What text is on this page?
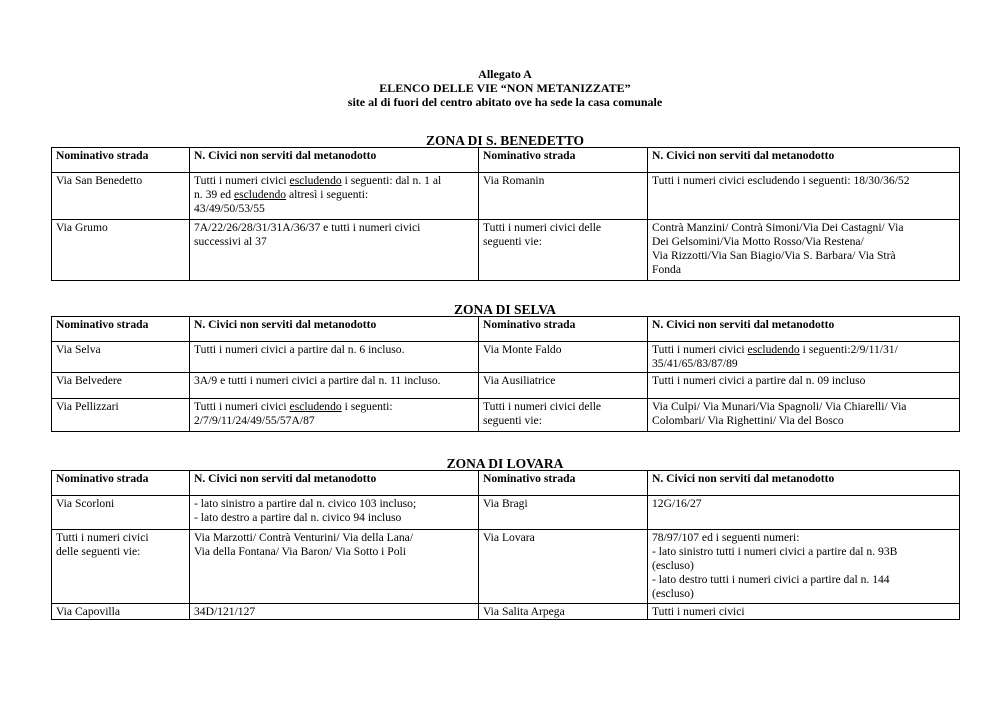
Allegato A
ELENCO DELLE VIE “NON METANIZZATE”
site al di fuori del centro abitato ove ha sede la casa comunale
ZONA DI S. BENEDETTO
Nominativo strada	N. Civici non serviti dal metanodotto	Nominativo strada	N. Civici non serviti dal metanodotto
Via San Benedetto	Tutti i numeri civici escludendo i seguenti: dal n. 1 al
n. 39 ed escludendo altresì i seguenti:
43/49/50/53/55	Via Romanin	Tutti i numeri civici escludendo i seguenti: 18/30/36/52
Via Grumo	7A/22/26/28/31/31A/36/37 e tutti i numeri civici
successivi al 37	Tutti i numeri civici delle
seguenti vie:	Contrà Manzini/ Contrà Simoni/Via Dei Castagni/ Via
Dei Gelsomini/Via Motto Rosso/Via Restena/
Via Rizzotti/Via San Biagio/Via S. Barbara/ Via Strà
Fonda
ZONA DI SELVA
Nominativo strada	N. Civici non serviti dal metanodotto	Nominativo strada	N. Civici non serviti dal metanodotto
Via Selva	Tutti i numeri civici a partire dal n. 6 incluso.	Via Monte Faldo	Tutti i numeri civici escludendo i seguenti:2/9/11/31/
35/41/65/83/87/89

Via Belvedere	3A/9 e tutti i numeri civici a partire dal n. 11 incluso.	Via Ausiliatrice	Tutti i numeri civici a partire dal n. 09 incluso
Via Pellizzari	Tutti i numeri civici escludendo i seguenti:
2/7/9/11/24/49/55/57A/87	Tutti i numeri civici delle
seguenti vie:	Via Culpi/ Via Munari/Via Spagnoli/ Via Chiarelli/ Via
Colombari/ Via Righettini/ Via del Bosco
ZONA DI LOVARA
Nominativo strada	N. Civici non serviti dal metanodotto	Nominativo strada	N. Civici non serviti dal metanodotto
Via Scorloni	- lato sinistro a partire dal n. civico 103 incluso;
- lato destro a partire dal n. civico 94 incluso	Via Bragi	12G/16/27

Tutti i numeri civici
delle seguenti vie:	Via Marzotti/ Contrà Venturini/ Via della Lana/
Via della Fontana/ Via Baron/ Via Sotto i Poli	Via Lovara	78/97/107 ed i seguenti numeri:
- lato sinistro tutti i numeri civici a partire dal n. 93B
(escluso)
- lato destro tutti i numeri civici a partire dal n. 144
(escluso)

Via Capovilla	34D/121/127	Via Salita Arpega	Tutti i numeri civici
